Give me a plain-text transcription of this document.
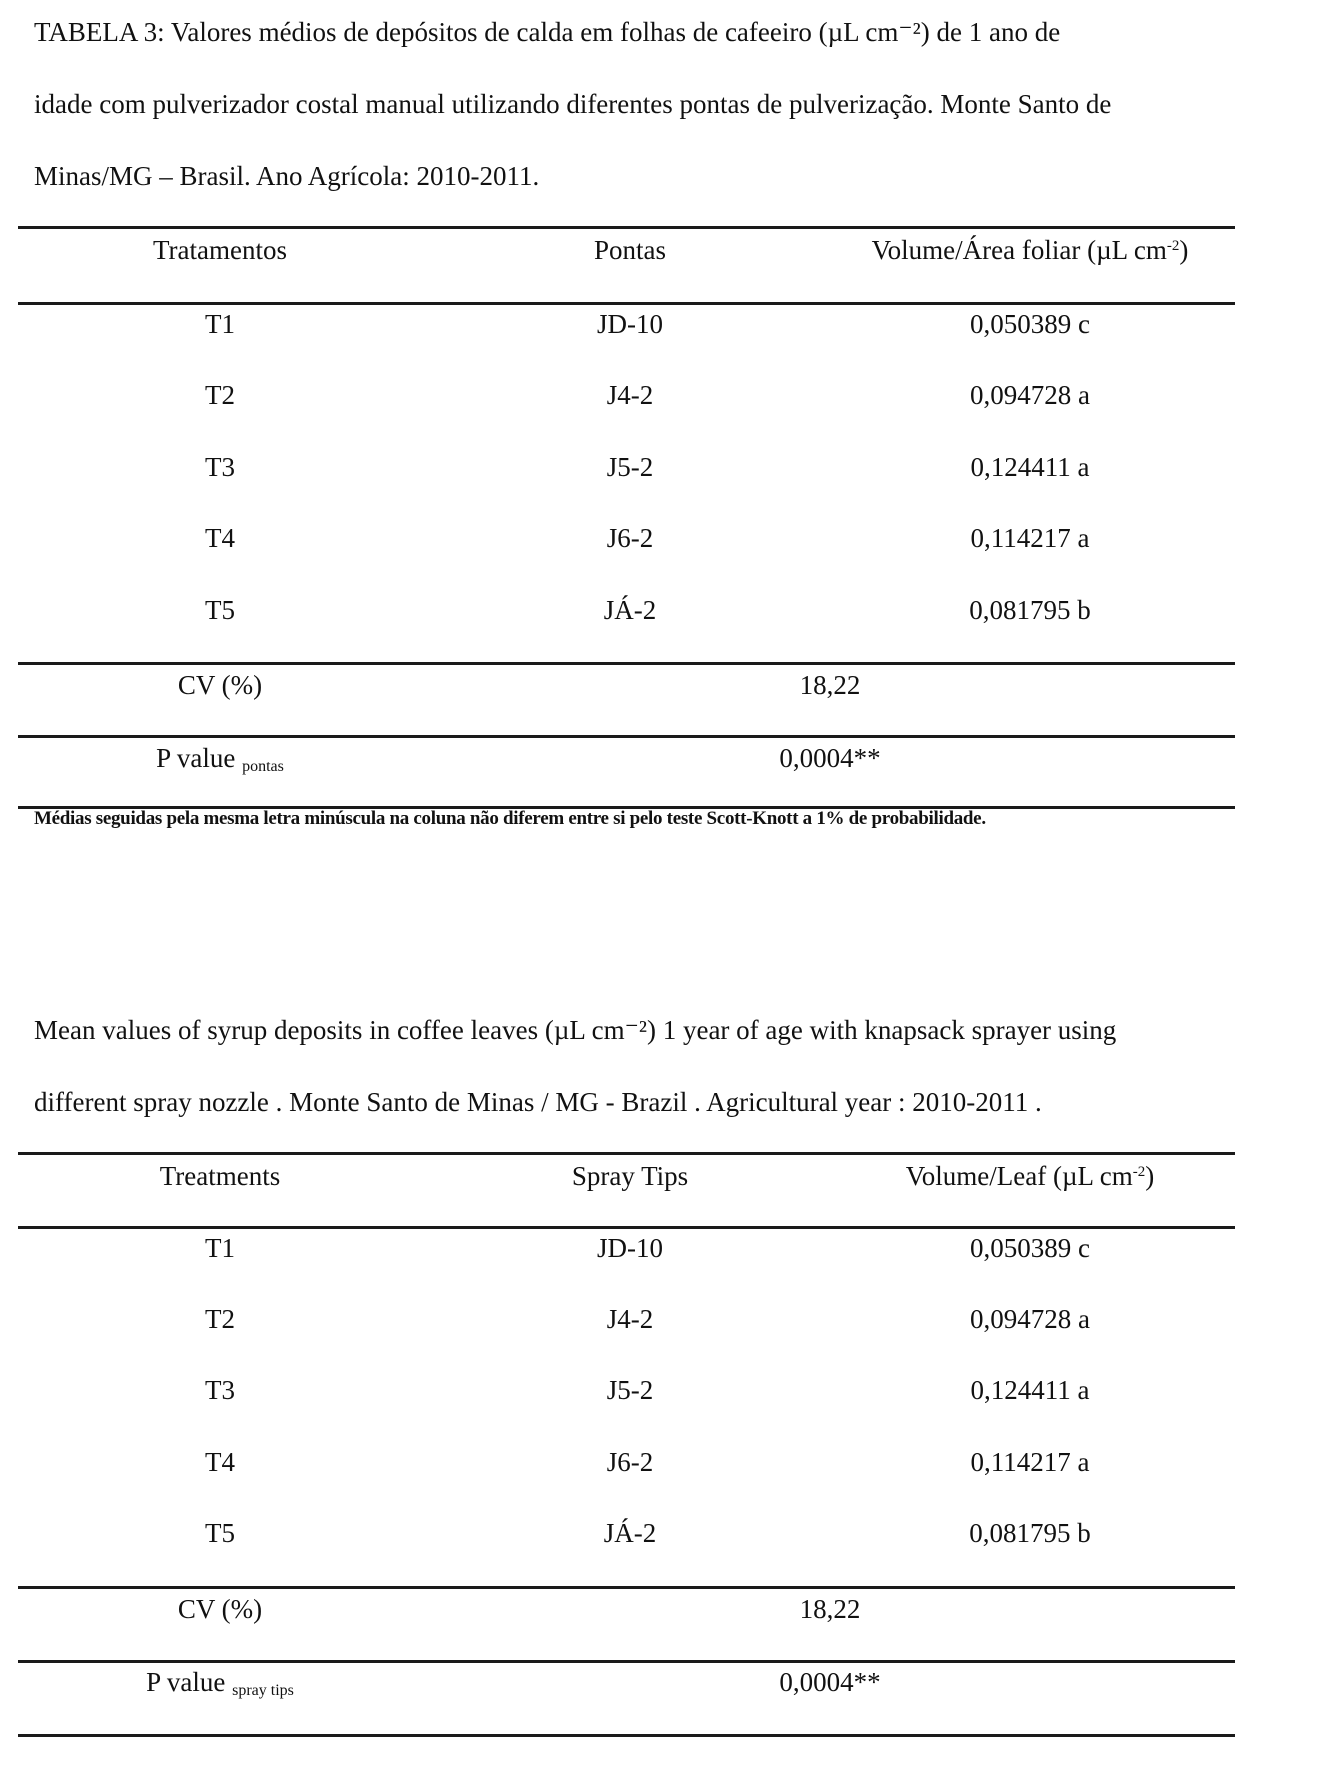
TABELA 3: Valores médios de depósitos de calda em folhas de cafeeiro (µL cm⁻²) de 1 ano de
idade com pulverizador costal manual utilizando diferentes pontas de pulverização. Monte Santo de
Minas/MG – Brasil. Ano Agrícola: 2010-2011.
Tratamentos	Pontas	Volume/Área foliar (µL $cm^{-2}$)
T1	JD-10	0,050389 c
T2	J4-2	0,094728 a
T3	J5-2	0,124411 a
T4	J6-2	0,114217 a
T5	JÁ-2	0,081795 b
CV (%)	18,22
P value $_{pontas}$	0,0004**
Médias seguidas pela mesma letra minúscula na coluna não diferem entre si pelo teste Scott-Knott a 1% de probabilidade.
Mean values of syrup deposits in coffee leaves (µL cm⁻²) 1 year of age with knapsack sprayer using
different spray nozzle . Monte Santo de Minas / MG - Brazil . Agricultural year : 2010-2011 .
Treatments	Spray Tips	Volume/Leaf (µL $cm^{-2}$)
T1	JD-10	0,050389 c
T2	J4-2	0,094728 a
T3	J5-2	0,124411 a
T4	J6-2	0,114217 a
T5	JÁ-2	0,081795 b
CV (%)	18,22
P value $_{spray tips}$	0,0004**
